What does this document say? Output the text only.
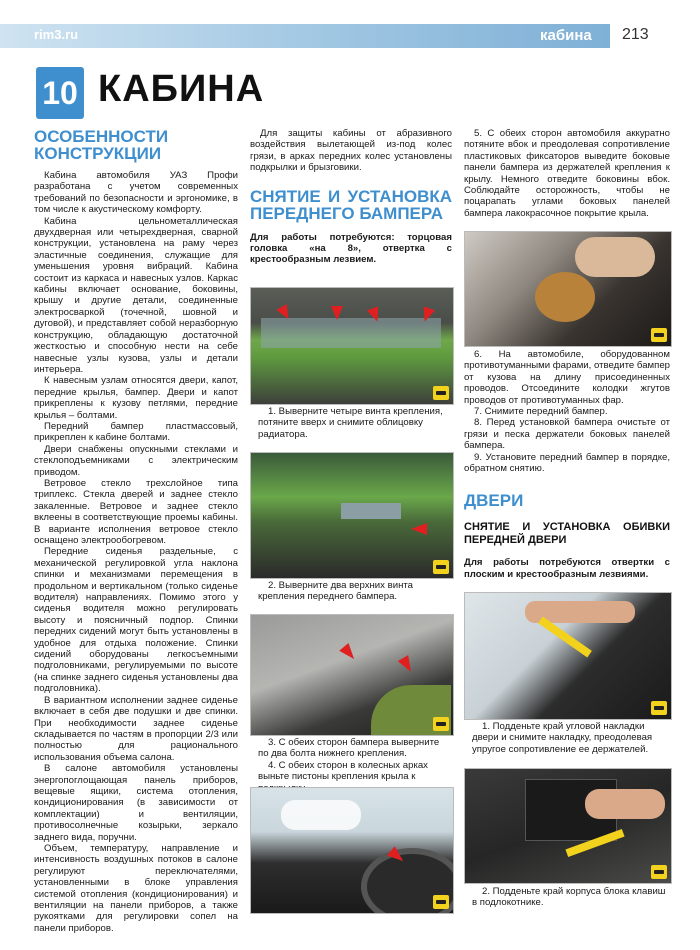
rim3.ru	кабина 213
10 КАБИНА
ОСОБЕННОСТИ КОНСТРУКЦИИ

Кабина автомобиля УАЗ Профи разработана с учетом современных требований по безопасности и эргономике, в том числе к акустическому комфорту.

Кабина цельнометаллическая двухдверная или четырехдверная, сварной конструкции, установлена на раму через эластичные соединения, служащие для уменьшения уровня вибраций. Кабина состоит из каркаса и навесных узлов. Каркас кабины включает основание, боковины, крышу и другие детали, соединенные электросваркой (точечной, шовной и дуговой), и представляет собой неразборную конструкцию, обладающую достаточной жесткостью и способную нести на себе навесные узлы кузова, узлы и детали интерьера.

К навесным узлам относятся двери, капот, передние крылья, бампер. Двери и капот прикреплены к кузову петлями, передние крылья – болтами.

Передний бампер пластмассовый, прикреплен к кабине болтами.

Двери снабжены опускными стеклами и стеклоподъемниками с электрическим приводом.

Ветровое стекло трехслойное типа триплекс. Стекла дверей и заднее стекло закаленные. Ветровое и заднее стекло вклеены в соответствующие проемы кабины. В варианте исполнения ветровое стекло оснащено электрообогревом.

Передние сиденья раздельные, с механической регулировкой угла наклона спинки и механизмами перемещения в продольном и вертикальном (только сиденье водителя) направлениях. Помимо этого у сиденья водителя можно регулировать высоту и поясничный подпор. Спинки передних сидений могут быть установлены в удобное для отдыха положение. Спинки сидений оборудованы легкосъемными подголовниками, регулируемыми по высоте (на спинке заднего сиденья установлены два подголовника).

В вариантном исполнении заднее сиденье включает в себя две подушки и две спинки. При необходимости заднее сиденье складывается по частям в пропорции 2/3 или полностью для рационального использования объема салона.

В салоне автомобиля установлены энергопоглощающая панель приборов, вещевые ящики, система отопления, кондиционирования (в зависимости от комплектации) и вентиляции, противосолнечные козырьки, зеркало заднего вида, поручни.

Объем, температуру, направление и интенсивность воздушных потоков в салоне регулируют переключателями, установленными в блоке управления системой отопления (кондиционирования) и вентиляции на панели приборов, а также рукоятками для регулировки сопел на панели приборов.

Для защиты кабины от абразивного воздействия вылетающей из-под колес грязи, в арках передних колес установлены подкрылки и брызговики.

СНЯТИЕ И УСТАНОВКА ПЕРЕДНЕГО БАМПЕРА

Для работы потребуются: торцовая головка «на 8», отвертка с крестообразным лезвием.

1. Выверните четыре винта крепления, потяните вверх и снимите облицовку радиатора.

2. Выверните два верхних винта крепления переднего бампера.

3. С обеих сторон бампера выверните по два болта нижнего крепления.

4. С обеих сторон в колесных арках выньте пистоны крепления крыла к

5. С обеих сторон автомобиля аккуратно потяните вбок и преодолевая сопротивление пластиковых фиксаторов выведите боковые панели бампера из держателей крепления к крылу. Немного отведите боковины вбок. Соблюдайте осторожность, чтобы не поцарапать углами боковых панелей бампера лакокрасочное покрытие крыла.

6. На автомобиле, оборудованном противотуманными фарами, отведите бампер от кузова на длину присоединенных проводов. Отсоедините колодки жгутов проводов от противотуманных фар.

7. Снимите передний бампер.

8. Перед установкой бампера очистьте от грязи и песка держатели боковых панелей бампера.

9. Установите передний бампер в порядке, обратном снятию.

ДВЕРИ
СНЯТИЕ И УСТАНОВКА ОБИВКИ ПЕРЕДНЕЙ ДВЕРИ

Для работы потребуются отвертки с плоским и крестообразным лезвиями.

1. Подденьте край угловой накладки двери и снимите накладку, преодолевая упругое сопротивление ее держателей.

2. Подденьте край корпуса блока клавиш в подлокотнике.
